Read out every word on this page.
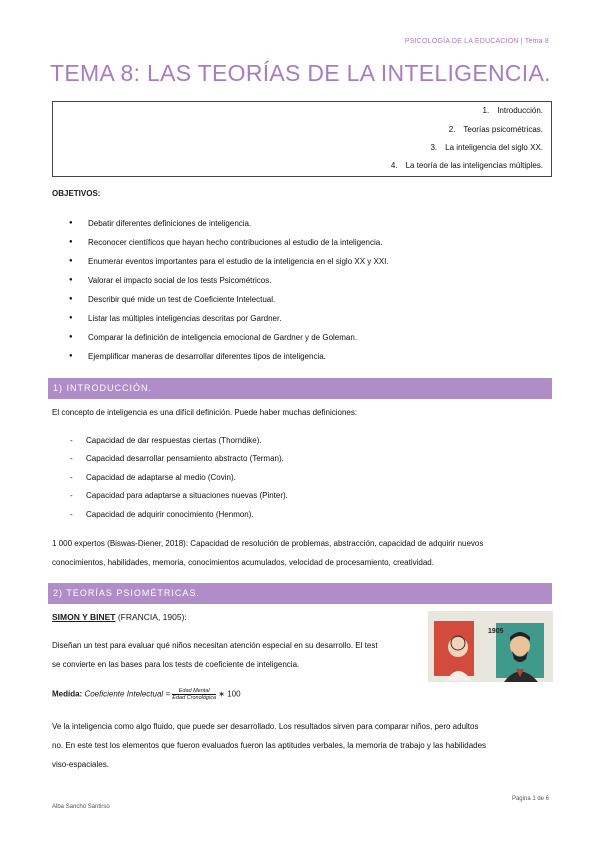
PSICOLOGÍA DE LA EDUCACIÓN | Tema 8
TEMA 8: LAS TEORÍAS DE LA INTELIGENCIA.
1. Introducción.
2. Teorías psicométricas.
3. La inteligencia del siglo XX.
4. La teoría de las inteligencias múltiples.
OBJETIVOS:
● Debatir diferentes definiciones de inteligencia.
● Reconocer científicos que hayan hecho contribuciones al estudio de la inteligencia.
● Enumerar eventos importantes para el estudio de la inteligencia en el siglo XX y XXI.
● Valorar el impacto social de los tests Psicométricos.
● Describir qué mide un test de Coeficiente Intelectual.
● Listar las múltiples inteligencias descritas por Gardner.
● Comparar la definición de inteligencia emocional de Gardner y de Goleman.
● Ejemplificar maneras de desarrollar diferentes tipos de inteligencia.
1) INTRODUCCIÓN.
El concepto de inteligencia es una difícil definición. Puede haber muchas definiciones:
- Capacidad de dar respuestas ciertas (Thorndike).
- Capacidad desarrollar pensamiento abstracto (Terman).
- Capacidad de adaptarse al medio (Covin).
- Capacidad para adaptarse a situaciones nuevas (Pinter).
- Capacidad de adquirir conocimiento (Henmon).
1 000 expertos (Biswas-Diener, 2018): Capacidad de resolución de problemas, abstracción, capacidad de adquirir nuevos
conocimientos, habilidades, memoria, conocimientos acumulados, velocidad de procesamiento, creatividad.
2) TEORÍAS PSIOMÉTRICAS.
SIMON Y BINET (FRANCIA, 1905):
Diseñan un test para evaluar qué niños necesitan atención especial en su desarrollo. El test
se convierte en las bases para los tests de coeficiente de inteligencia.
Medida: Coeficiente Intelectual = $\frac{\text{Edad Mental}}{\text{Edad Cronológica}}$ ∗ 100
1905
Ve la inteligencia como algo fluido, que puede ser desarrollado. Los resultados sirven para comparar niños, pero adultos
no. En este test los elementos que fueron evaluados fueron las aptitudes verbales, la memoria de trabajo y las habilidades
viso-espaciales.
Página 1 de 6
Alba Sancho Santirso
